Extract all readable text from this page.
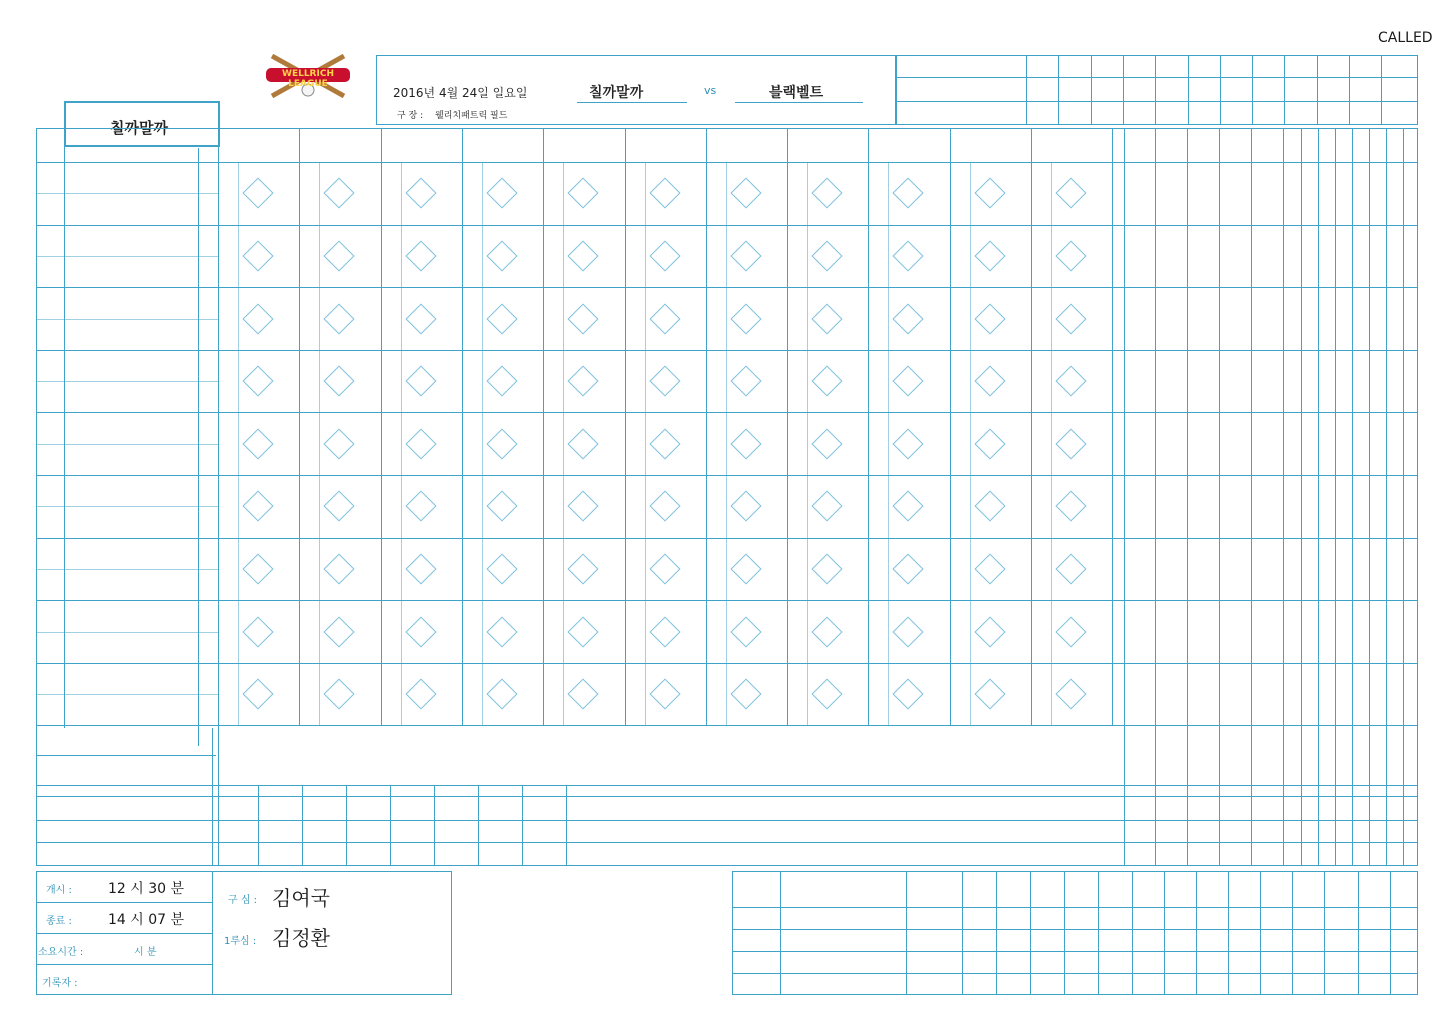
CALLED
WELLRICH LEAGUE
2016년 4월 24일 일요일	칠까말까	vs	블랙벨트
구 장 : 웰리치패트릭 필드
칠까말까
개시 :	12 시 30 분
종료 :	14 시 07 분
소요시간 :	시 분
기록자 :
구 심 : 김여국
1루심 : 김정환
